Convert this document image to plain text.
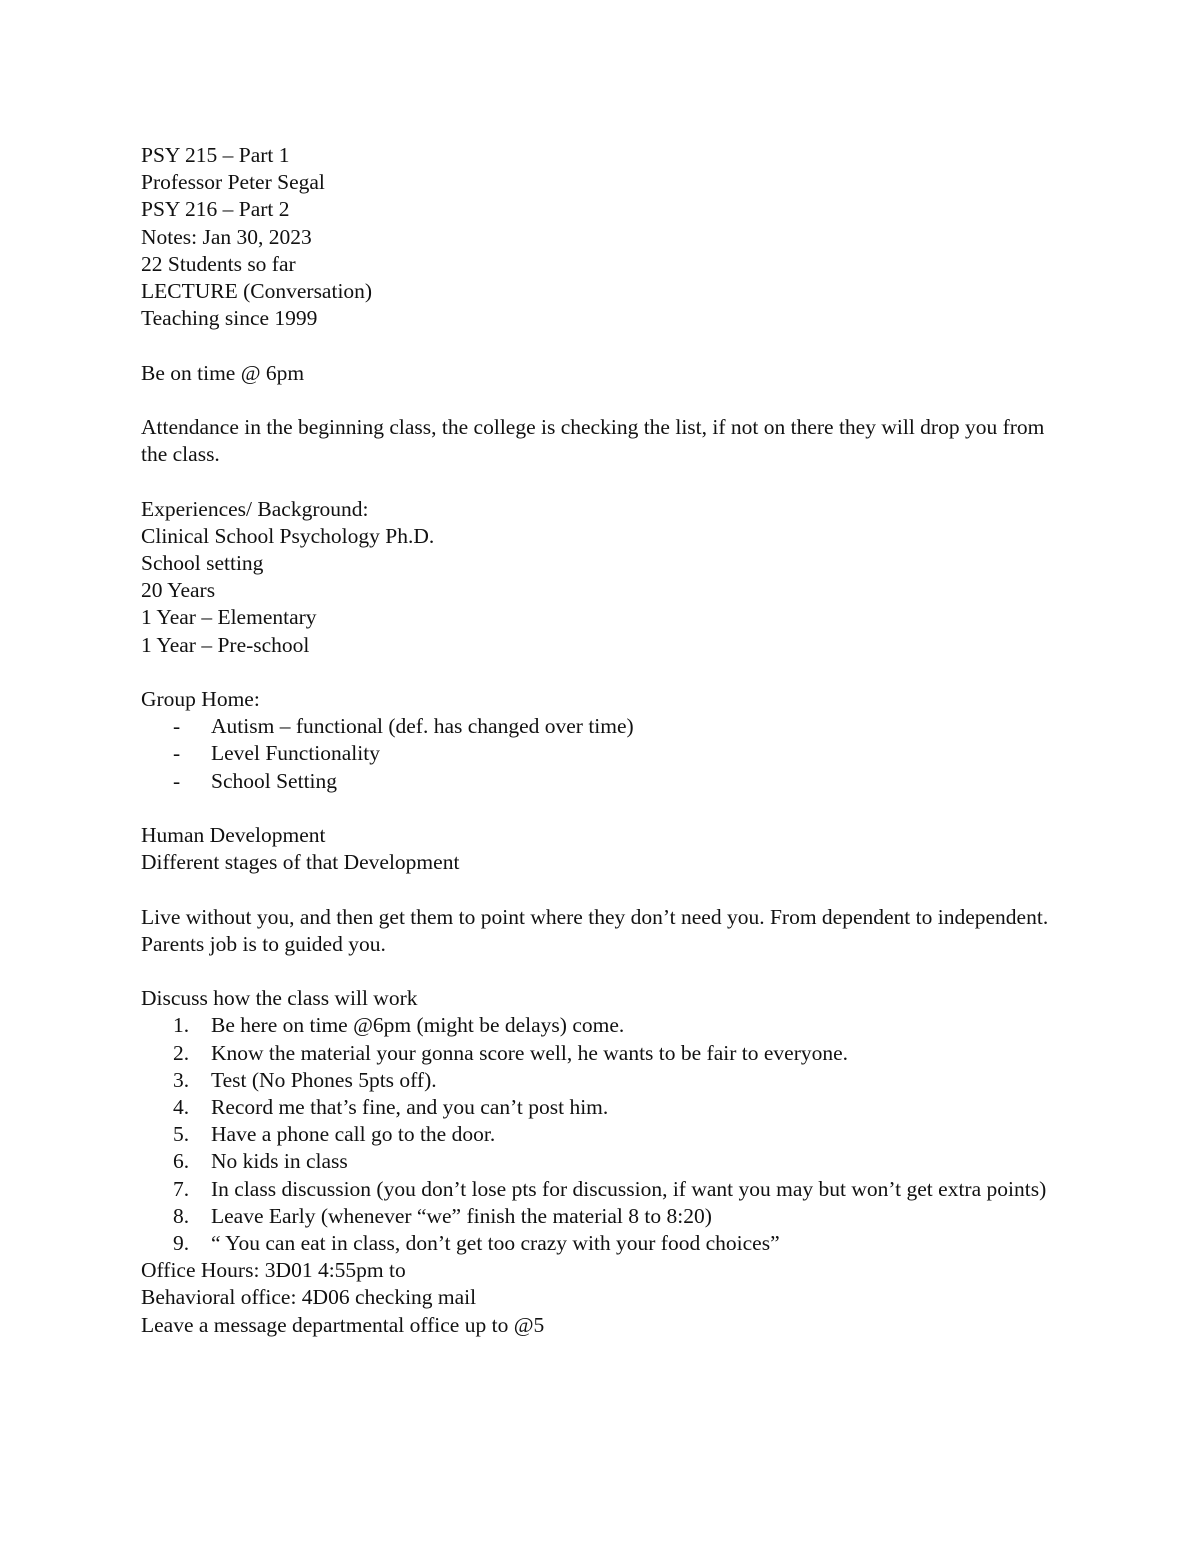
PSY 215 – Part 1
Professor Peter Segal
PSY 216 – Part 2
Notes: Jan 30, 2023
22 Students so far
LECTURE (Conversation)
Teaching since 1999
Be on time @ 6pm
Attendance in the beginning class, the college is checking the list, if not on there they will drop you from the class.
Experiences/ Background:
Clinical School Psychology Ph.D.
School setting
20 Years
1 Year – Elementary
1 Year – Pre-school
Group Home:
-	Autism – functional (def. has changed over time)
-	Level Functionality
-	School Setting
Human Development
Different stages of that Development
Live without you, and then get them to point where they don’t need you. From dependent to independent.
Parents job is to guided you.
Discuss how the class will work
1.	Be here on time @6pm (might be delays) come.
2.	Know the material your gonna score well, he wants to be fair to everyone.
3.	Test (No Phones 5pts off).
4.	Record me that’s fine, and you can’t post him.
5.	Have a phone call go to the door.
6.	No kids in class
7.	In class discussion (you don’t lose pts for discussion, if want you may but won’t get extra points)
8.	Leave Early (whenever “we” finish the material 8 to 8:20)
9.	“ You can eat in class, don’t get too crazy with your food choices”
Office Hours: 3D01 4:55pm to
Behavioral office: 4D06 checking mail
Leave a message departmental office up to @5
